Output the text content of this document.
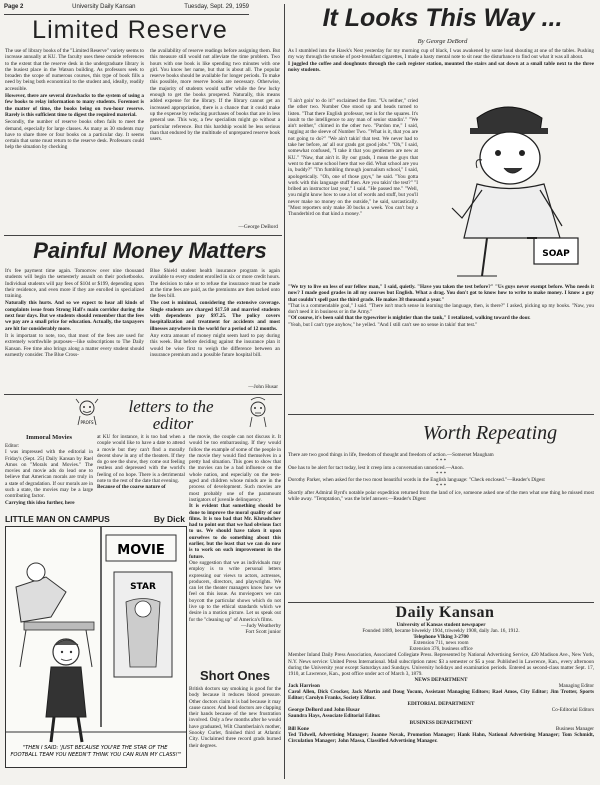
Page 2	University Daily Kansan	Tuesday, Sept. 29, 1959
Limited Reserve
The use of library books of the "Limited Reserve" variety seems to increase annually at KU. The faculty uses these outside references to the extent that the reserve desk in the undergraduate library is the busiest place in the Watson building. As professors seek to broaden the scope of numerous courses, this type of book fills a need by being both economical to the student and, ideally, readily accessible.
However, there are several drawbacks to the system of using a few books to relay information to many students. Foremost is the matter of time, the books being on two-hour reserve. Rarely is this sufficient time to digest the required material.
Secondly, the number of reserve books often fails to meet the demand, especially for large classes. As many as 30 students may have to share three or four books on a particular day. It seems certain that some must return to the reserve desk. Professors could help the situation by checking
the availability of reserve readings before assigning them. But this measure still would not alleviate the time problem. Two hours with one book is like spending two minutes with one girl. You know her name, but that is about all. The popular reserve books should be available for longer periods. To make this possible, more reserve books are necessary. Otherwise, the majority of students would suffer while the few lucky enough to get the books prospered. Naturally, this means added expense for the library. If the library cannot get an increased appropriation, there is a chance that it could make up the expense by reducing purchases of books that are in less general use. This way, a few specialists might go without a particular reference. But this hardship would be less serious than that endured by the multitude of unprepared reserve book users.
—George DeBord
Painful Money Matters
It's fee payment time again. Tomorrow over nine thousand students will begin the semesterly assault on their pocketbooks. Individual students will pay fees of $104 or $199, depending upon their residence, and even more if they are enrolled in specialized training.
Naturally this hurts. And so we expect to hear all kinds of complaints issue from Strong Hall's main corridor during the next four days. But we students should remember that the fees we pay are a small price for education. Actually, the taxpayers are hit for considerably more.
It is important to note, too, that most of the fees are used for extremely worthwhile purposes—like subscriptions to The Daily Kansan. Fee time also brings along a matter every student should earnestly consider. The Blue Cross-
Blue Shield student health insurance program is again available to every student enrolled in six or more credit hours. The decision to take or to refuse the insurance must be made at the time fees are paid, as the premiums are then tacked onto the fees bill.
The cost is minimal, considering the extensive coverage. Single students are charged $17.50 and married students with dependents pay $97.25. The policy covers hospitalization and treatment for accidents and most illnesses anywhere in the world for a period of 12 months.
Any extra amount of money might seem hard to pay during this week. But before deciding against the insurance plan it would be wise first to weigh the difference between an insurance premium and a possible future hospital bill.
—John Husar
PROFS
letters to the
editor
Immoral Movies
Editor:
I was impressed with the editorial in Friday's (Sept. 25) Daily Kansan by Rael Amos on "Morals and Movies." The movies and movie ads do lead one to believe that American morals are truly in a state of degradation. If our morals are in such a state, the movies may be a large contributing factor.
Carrying this idea further, here
at KU for instance, it is too bad when a couple would like to have a date to attend a movie but they can't find a morally decent show in any of the theaters. If they do go see the show, they come out feeling restless and depressed with the world's feeling of no hope. There is a detrimental note to the rest of the date that evening.
Because of the coarse nature of
the movie, the couple can not discuss it. It would be too embarrassing. If they would follow the example of some of the people in the movie they would find themselves in a pretty bad situation. This goes to show that the movies can be a bad influence on the whole nation, and especially on the teen-aged and children whose minds are in the process of development. Such movies are most probably one of the paramount instigators of juvenile delinquency.
It is evident that something should be done to improve the moral quality of our films. It is too bad that Mr. Khrushchev had to point out that we had obvious fact to us. We should have taken it upon ourselves to do something about this earlier, but the least that we can do now is to work on such improvement in the future.
One suggestion that we as individuals may employ is to write personal letters expressing our views to actors, actresses, producers, directors, and playwrights. We can let the theater managers know how we feel on this issue. As moviegoers we can boycott the particular shows which do not live up to the ethical standards which we desire in a motion picture. Let us speak out for the "cleaning up" of America's films.
—Judy Weatherby
Fort Scott junior
LITTLE MAN ON CAMPUS	By Dick
MOVIE
STAR
"THEN I SAID: 'JUST BECAUSE YOU'RE THE STAR OF THE FOOTBALL TEAM YOU NEEDN'T THINK YOU CAN RUIN MY CLASS!'"
Short Ones
British doctors say smoking is good for the body because it reduces blood pressure. Other doctors claim it is bad because it may cause cancer. And head doctors are clapping their hands because of the new frustration involved. Only a few months after he would have graduated, Wilt Chamberlain's mother, Snooky Curlet, finished third at Atlantic City. Unclaimed three record grads burned their degrees.
It Looks This Way ...
By George DeBord
As I stumbled into the Hawk's Nest yesterday for my morning cup of black, I was awakened by some loud shouting at one of the tables. Pushing my way through the smoke of post-breakfast cigarettes, I made a hasty mental note to sit near the disturbance to find out what it was all about.
I juggled the coffee and doughnuts through the cash register station, mounted the stairs and sat down at a small table next to the three noisy students.
"I ain't goin' to do it!" exclaimed the first. "Us neither," cried the other two. Number One stood up and heads turned to listen. "That there English professor, test is for the squares. It's insult to the intelligence to any man of senior standin'." "We ain't neither," chimed in the other two. "Pardon me," I said, tugging at the sleeve of Number Two. "What is it, that you are not going to do?" "We ain't takin' that test. We never had to take her before, an' all our grads got good jobs." "Oh," I said, somewhat confused, "I take it that you gentlemen are new at KU." "Naw, that ain't it. By our grads, I mean the guys that went to the same school here that we did. What school are you in, buddy?" "I'm fumbling through journalism school," I said, apologetically. "Oh, one of those guys," he said. "You gotta work with this language stuff then. Are you takin' the test?" "I bribed an instructor last year," I said. "He passed me." "Well, you might know how to use a lot of words and stuff, but you'll never make no money on the outside," he said, sarcastically. "Most reporters only make 30 bucks a week. You can't buy a Thunderbird on that kind a money."
SOAP
"We try to live on less of our fellow man," I said, quietly. "Have you taken the test before?" "Us guys never exempt before. Who needs it now? I made good grades in all my courses but English. What a drag. You don't got to know how to write to make money. I know a guy that couldn't spell past the third grade. He makes 38 thousand a year."
"That is a commendable goal," I said. "There isn't much sense in learning the language, then, is there?" I asked, picking up my books. "Naw, you don't need it in business or in the Army."
"Of course, it's been said that the typewriter is mightier than the tank," I retaliated, walking toward the door.
"Yeah, but I can't type anyhow," he yelled. "And I still can't see no sense in takin' that test."
Worth Repeating
There are two good things in life, freedom of thought and freedom of action.—Somerset Maugham
* * *
One has to be alert for tact today, lest it creep into a conversation unnoticed.—Anon.
* * *
Dorothy Parker, when asked for the two most beautiful words in the English language: "Check enclosed."—Reader's Digest
* * *
Shortly after Admiral Byrd's notable polar expedition returned from the land of ice, someone asked one of the men what one thing he missed most while away. "Temptation," was the brief answer.—Reader's Digest
Daily Kansan
University of Kansas student newspaper
Founded 1889, became biweekly 1904, triweekly 1908, daily Jan. 16, 1912.
Telephone VIking 3-2700
Extension 711, news room
Extension 376, business office
Member Inland Daily Press Association, Associated Collegiate Press. Represented by National Advertising Service, 420 Madison Ave., New York, N.Y. News service: United Press International. Mail subscription rates: $3 a semester or $5 a year. Published in Lawrence, Kan., every afternoon during the University year except Saturdays and Sundays. University holidays and examination periods. Entered as second-class matter Sept. 17, 1910, at Lawrence, Kan., post office under act of March 3, 1879.
NEWS DEPARTMENT
Jack Harrison	Managing Editor
Carol Allen, Dick Crocker, Jack Martin and Doug Yocum, Assistant Managing Editors; Rael Amos, City Editor; Jim Trotter, Sports Editor; Carolyn Franks, Society Editor.
EDITORIAL DEPARTMENT
George DeBord and John Husar	Co-Editorial Editors
Saundra Hays, Associate Editorial Editor.
BUSINESS DEPARTMENT
Bill Kone	Business Manager
Ted Tidwell, Advertising Manager; Joanne Novak, Promotion Manager; Hank Hahn, National Advertising Manager; Tom Schmidt, Circulation Manager; John Massa, Classified Advertising Manager.
